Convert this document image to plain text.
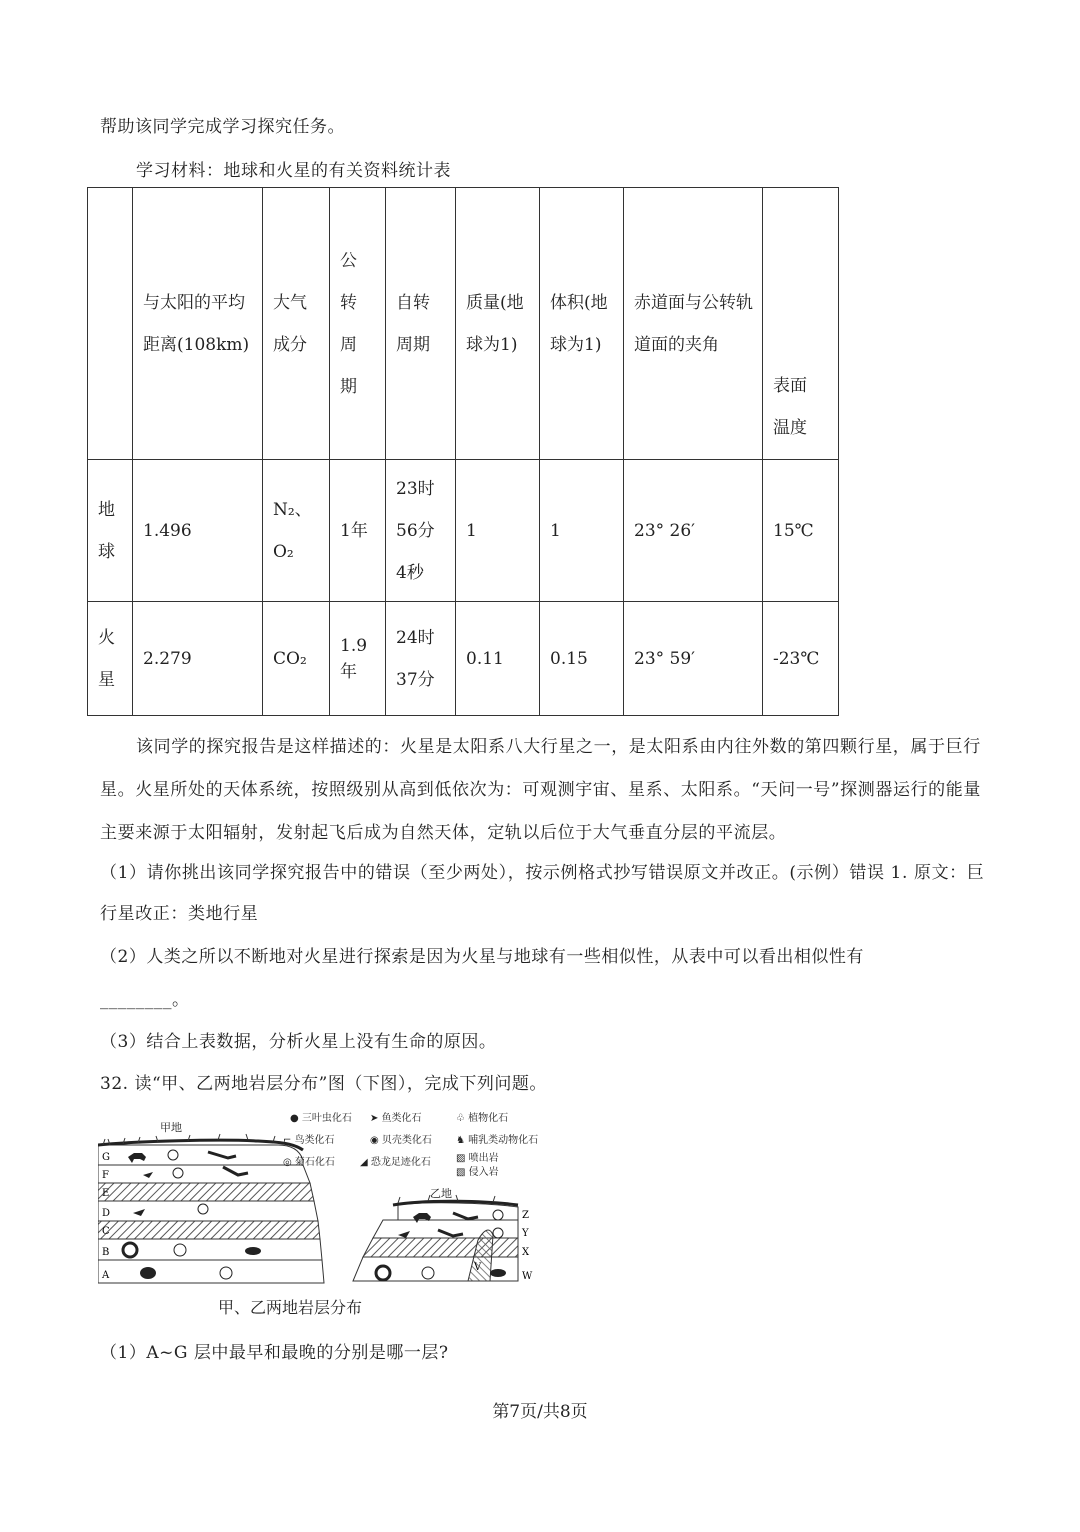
帮助该同学完成学习探究任务。
学习材料：地球和火星的有关资料统计表

	与太阳的平均距离(108km)	大气成分	公转周期	自转周期	质量(地球为1)	体积(地球为1)	赤道面与公转轨道面的夹角	表面温度

地球	1.496	N₂、O₂	1年	23时56分4秒	1	1	23° 26′	15℃

火星	2.279	CO₂	1.9年	24时37分	0.11	0.15	23° 59′	-23℃
该同学的探究报告是这样描述的：火星是太阳系八大行星之一，是太阳系由内往外数的第四颗行星，属于巨行星。火星所处的天体系统，按照级别从高到低依次为：可观测宇宙、星系、太阳系。“天问一号”探测器运行的能量主要来源于太阳辐射，发射起飞后成为自然天体，定轨以后位于大气垂直分层的平流层。
（1）请你挑出该同学探究报告中的错误（至少两处），按示例格式抄写错误原文并改正。(示例）错误 1. 原文：巨行星改正：类地行星
（2）人类之所以不断地对火星进行探索是因为火星与地球有一些相似性，从表中可以看出相似性有
________。
（3）结合上表数据，分析火星上没有生命的原因。
32. 读“甲、乙两地岩层分布”图（下图），完成下列问题。
G
F
E
D
C
B
A
Z
Y
X
W
V
甲地
乙地
● 三叶虫化石 ➤ 鱼类化石	♧ 植物化石
⌐ 鸟类化石	◉ 贝壳类化石 ♞ 哺乳类动物化石
◎ 菊石化石	◢ 恐龙足迹化石	▨ 喷出岩
▧ 侵入岩
甲、乙两地岩层分布
（1）A~G 层中最早和最晚的分别是哪一层?
第7页/共8页
